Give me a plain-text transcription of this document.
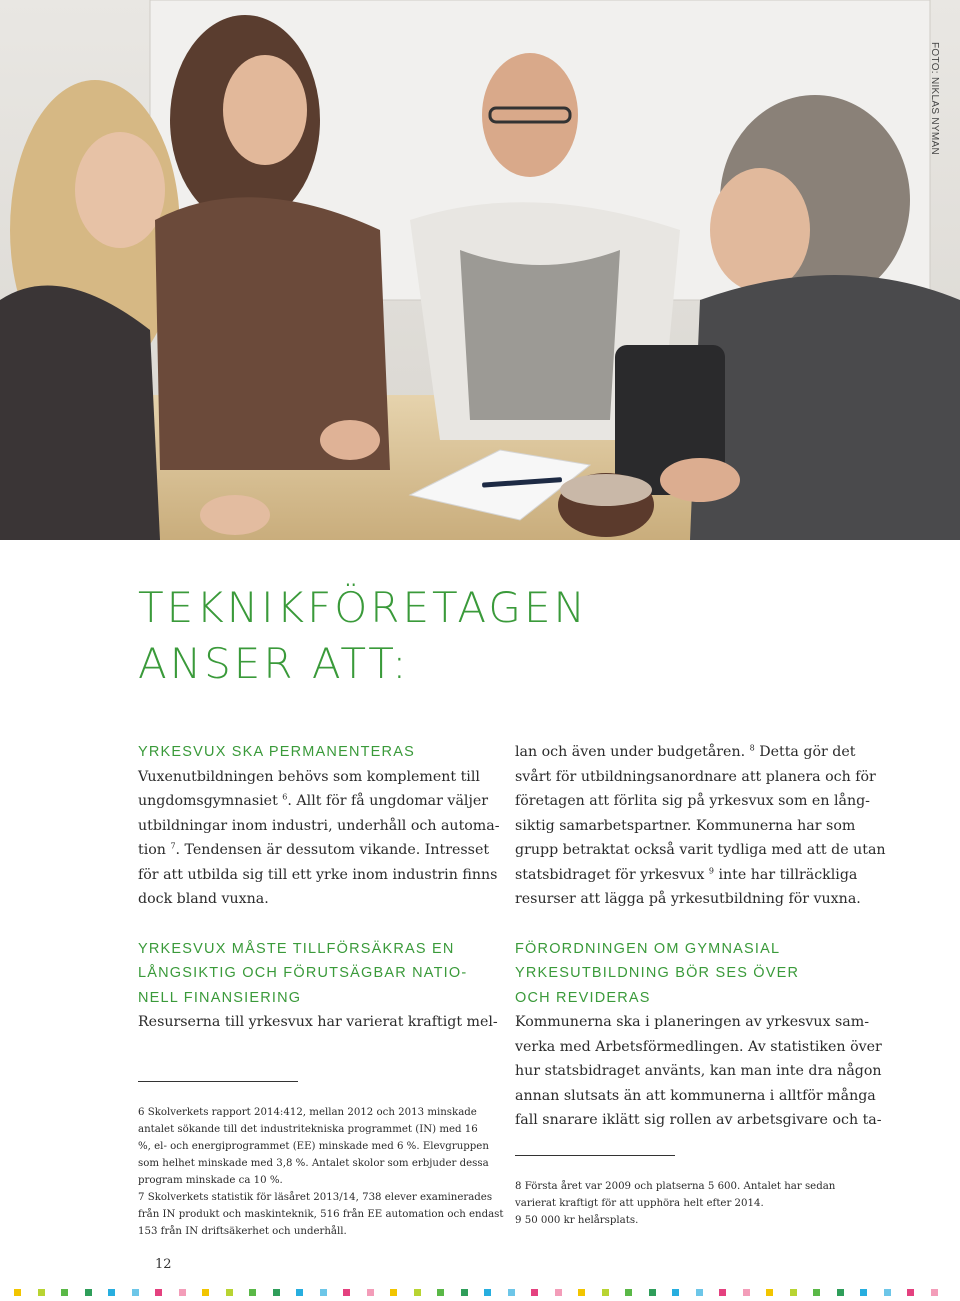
FOTO: NIKLAS NYMAN
TEKNIKFÖRETAGEN
ANSER ATT:

YRKESVUX SKA PERMANENTERAS

Vuxenutbildningen behövs som komplement till
ungdomsgymnasiet $^6$. Allt för få ungdomar väljer
utbildningar inom industri, underhåll och automa-
tion $^7$. Tendensen är dessutom vikande. Intresset
för att utbilda sig till ett yrke inom industrin finns
dock bland vuxna.

YRKESVUX MÅSTE TILLFÖRSÄKRAS EN
LÅNGSIKTIG OCH FÖRUTSÄGBAR NATIO-
NELL FINANSIERING

Resurserna till yrkesvux har varierat kraftigt mel-

6 Skolverkets rapport 2014:412, mellan 2012 och 2013 minskade
antalet sökande till det industritekniska programmet (IN) med 16
%, el- och energiprogrammet (EE) minskade med 6 %. Elevgruppen
som helhet minskade med 3,8 %. Antalet skolor som erbjuder dessa
program minskade ca 10 %.
7 Skolverkets statistik för läsåret 2013/14, 738 elever examinerades
från IN produkt och maskinteknik, 516 från EE automation och endast
153 från IN driftsäkerhet och underhåll.

lan och även under budgetåren. $^8$ Detta gör det
svårt för utbildningsanordnare att planera och för
företagen att förlita sig på yrkesvux som en lång-
siktig samarbetspartner. Kommunerna har som
grupp betraktat också varit tydliga med att de utan
statsbidraget för yrkesvux $^9$ inte har tillräckliga
resurser att lägga på yrkesutbildning för vuxna.

FÖRORDNINGEN OM GYMNASIAL
YRKESUTBILDNING BÖR SES ÖVER
OCH REVIDERAS

Kommunerna ska i planeringen av yrkesvux sam-
verka med Arbetsförmedlingen. Av statistiken över
hur statsbidraget använts, kan man inte dra någon
annan slutsats än att kommunerna i alltför många
fall snarare iklätt sig rollen av arbetsgivare och ta-

8 Första året var 2009 och platserna 5 600. Antalet har sedan
varierat kraftigt för att upphöra helt efter 2014.
9 50 000 kr helårsplats.
12
